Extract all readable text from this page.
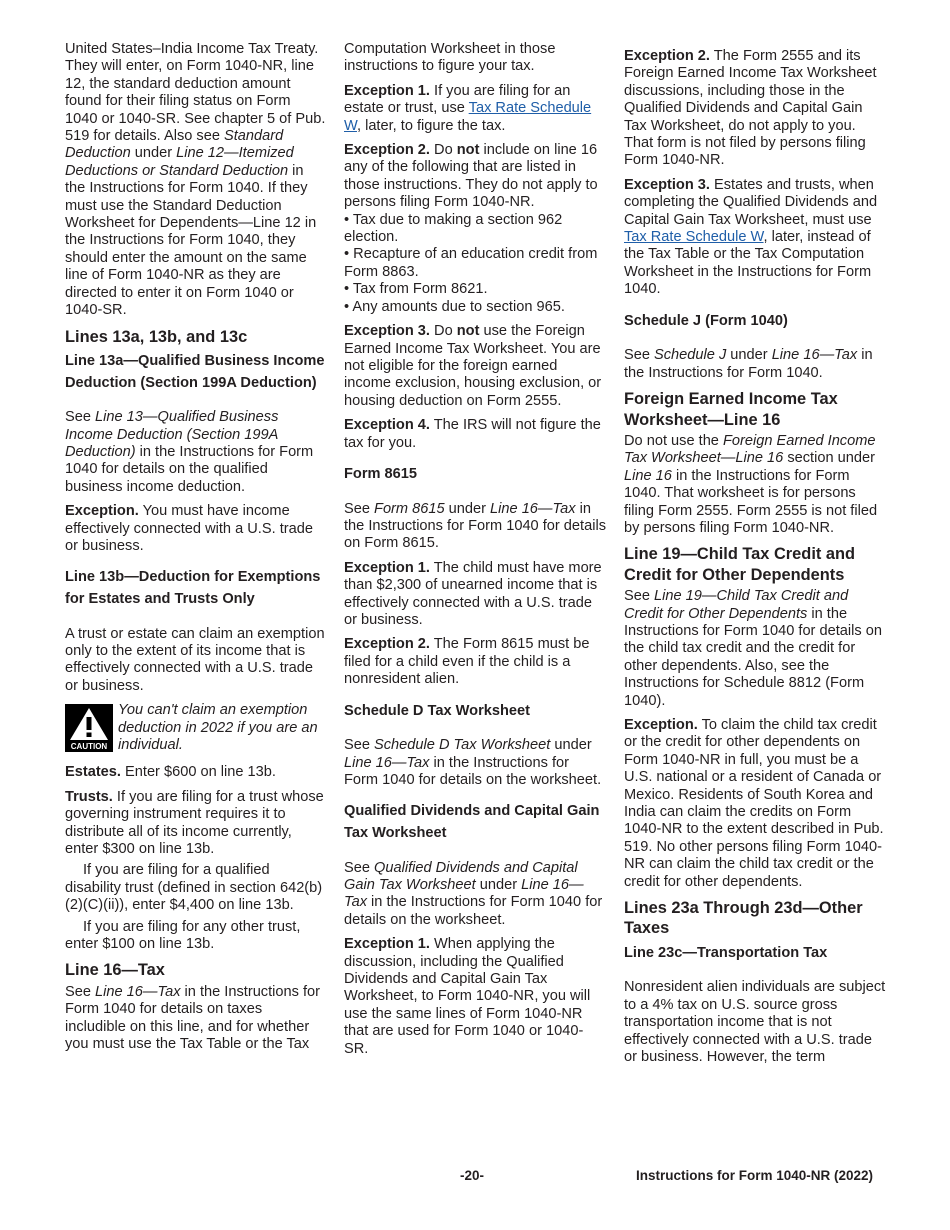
United States–India Income Tax Treaty. They will enter, on Form 1040-NR, line 12, the standard deduction amount found for their filing status on Form 1040 or 1040-SR. See chapter 5 of Pub. 519 for details. Also see Standard Deduction under Line 12—Itemized Deductions or Standard Deduction in the Instructions for Form 1040. If they must use the Standard Deduction Worksheet for Dependents—Line 12 in the Instructions for Form 1040, they should enter the amount on the same line of Form 1040-NR as they are directed to enter it on Form 1040 or 1040-SR.

Lines 13a, 13b, and 13c
Line 13a—Qualified Business Income Deduction (Section 199A Deduction)

See Line 13—Qualified Business Income Deduction (Section 199A Deduction) in the Instructions for Form 1040 for details on the qualified business income deduction.

Exception. You must have income effectively connected with a U.S. trade or business.

Line 13b—Deduction for Exemptions for Estates and Trusts Only

A trust or estate can claim an exemption only to the extent of its income that is effectively connected with a U.S. trade or business.

CAUTION
You can't claim an exemption deduction in 2022 if you are an individual.

Estates. Enter $600 on line 13b.

Trusts. If you are filing for a trust whose governing instrument requires it to distribute all of its income currently, enter $300 on line 13b.

If you are filing for a qualified disability trust (defined in section 642(b)(2)(C)(ii)), enter $4,400 on line 13b.

If you are filing for any other trust, enter $100 on line 13b.

Line 16—Tax

See Line 16—Tax in the Instructions for Form 1040 for details on taxes includible on this line, and for whether you must use the Tax Table or the Tax

Computation Worksheet in those instructions to figure your tax.

Exception 1. If you are filing for an estate or trust, use Tax Rate Schedule W, later, to figure the tax.

Exception 2. Do not include on line 16 any of the following that are listed in those instructions. They do not apply to persons filing Form 1040-NR.

• Tax due to making a section 962 election.
• Recapture of an education credit from Form 8863.
• Tax from Form 8621.
• Any amounts due to section 965.

Exception 3. Do not use the Foreign Earned Income Tax Worksheet. You are not eligible for the foreign earned income exclusion, housing exclusion, or housing deduction on Form 2555.

Exception 4. The IRS will not figure the tax for you.

Form 8615

See Form 8615 under Line 16—Tax in the Instructions for Form 1040 for details on Form 8615.

Exception 1. The child must have more than $2,300 of unearned income that is effectively connected with a U.S. trade or business.

Exception 2. The Form 8615 must be filed for a child even if the child is a nonresident alien.

Schedule D Tax Worksheet

See Schedule D Tax Worksheet under Line 16—Tax in the Instructions for Form 1040 for details on the worksheet.

Qualified Dividends and Capital Gain Tax Worksheet

See Qualified Dividends and Capital Gain Tax Worksheet under Line 16—Tax in the Instructions for Form 1040 for details on the worksheet.

Exception 1. When applying the discussion, including the Qualified Dividends and Capital Gain Tax Worksheet, to Form 1040-NR, you will use the same lines of Form 1040-NR that are used for Form 1040 or 1040-SR.

Exception 2. The Form 2555 and its Foreign Earned Income Tax Worksheet discussions, including those in the Qualified Dividends and Capital Gain Tax Worksheet, do not apply to you. That form is not filed by persons filing Form 1040-NR.

Exception 3. Estates and trusts, when completing the Qualified Dividends and Capital Gain Tax Worksheet, must use Tax Rate Schedule W, later, instead of the Tax Table or the Tax Computation Worksheet in the Instructions for Form 1040.

Schedule J (Form 1040)

See Schedule J under Line 16—Tax in the Instructions for Form 1040.

Foreign Earned Income Tax Worksheet—Line 16

Do not use the Foreign Earned Income Tax Worksheet—Line 16 section under Line 16 in the Instructions for Form 1040. That worksheet is for persons filing Form 2555. Form 2555 is not filed by persons filing Form 1040-NR.

Line 19—Child Tax Credit and Credit for Other Dependents

See Line 19—Child Tax Credit and Credit for Other Dependents in the Instructions for Form 1040 for details on the child tax credit and the credit for other dependents. Also, see the Instructions for Schedule 8812 (Form 1040).

Exception. To claim the child tax credit or the credit for other dependents on Form 1040-NR in full, you must be a U.S. national or a resident of Canada or Mexico. Residents of South Korea and India can claim the credits on Form 1040-NR to the extent described in Pub. 519. No other persons filing Form 1040-NR can claim the child tax credit or the credit for other dependents.

Lines 23a Through 23d—Other Taxes
Line 23c—Transportation Tax

Nonresident alien individuals are subject to a 4% tax on U.S. source gross transportation income that is not effectively connected with a U.S. trade or business. However, the term

-20-	Instructions for Form 1040-NR (2022)
